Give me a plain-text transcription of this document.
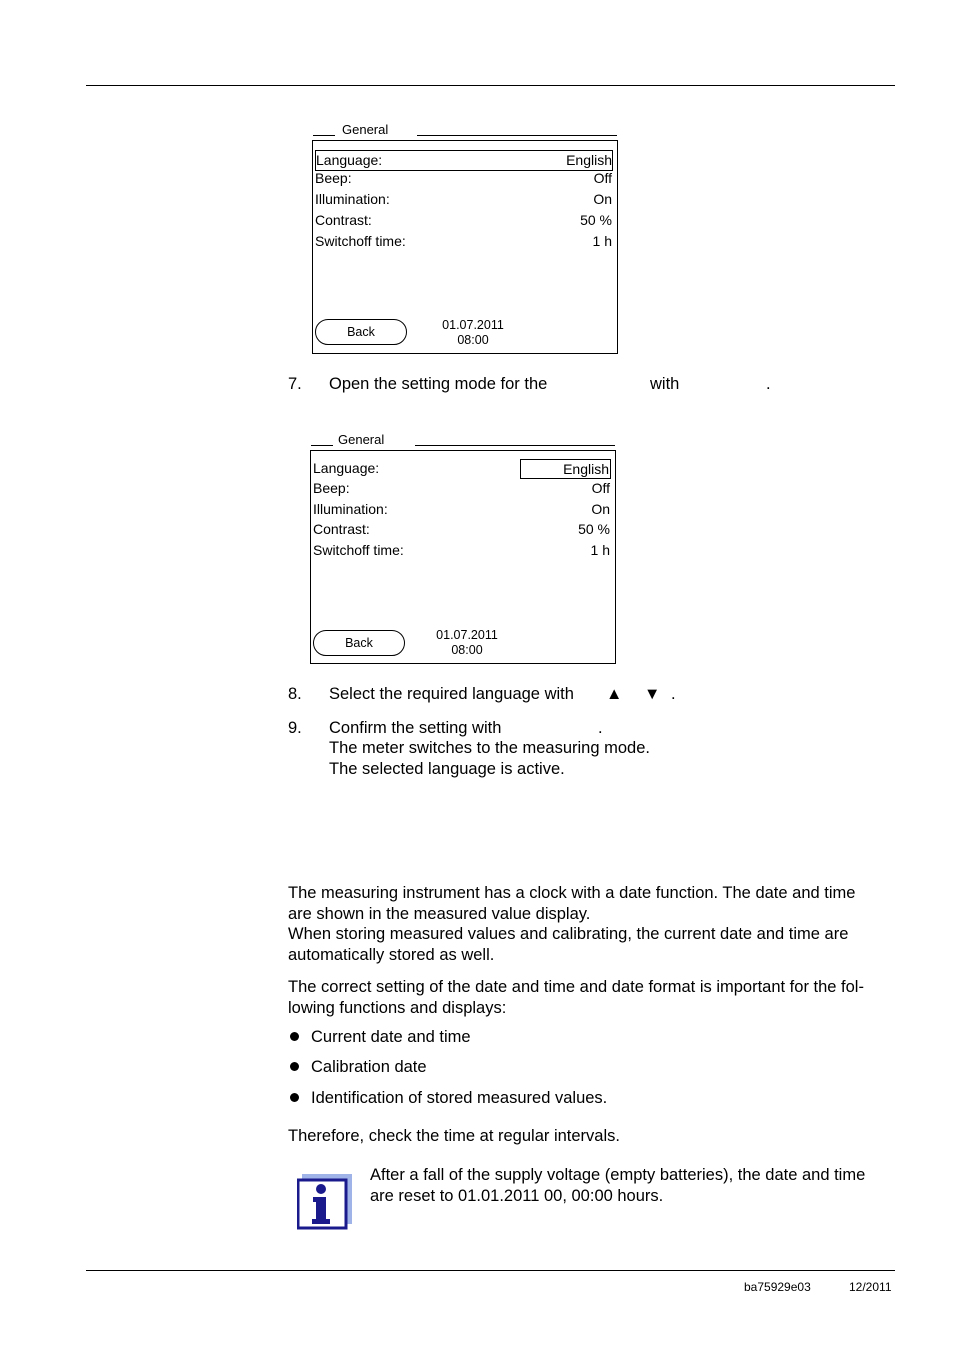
General
Language:	English
Beep:	Off
Illumination:	On
Contrast:	50 %
Switchoff time:	1 h
Back	01.07.2011
08:00
7. Open the setting mode for the	with	.
General
Language:	English
Beep:	Off
Illumination:	On
Contrast:	50 %
Switchoff time:	1 h
Back
01.07.2011
08:00
8. Select the required language with ▲ ▼ .
9. Confirm the setting with	.
The meter switches to the measuring mode.
The selected language is active.
The measuring instrument has a clock with a date function. The date and time
are shown in the measured value display.
When storing measured values and calibrating, the current date and time are
automatically stored as well.
The correct setting of the date and time and date format is important for the fol-
lowing functions and displays:
Current date and time
Calibration date
Identification of stored measured values.
Therefore, check the time at regular intervals.
After a fall of the supply voltage (empty batteries), the date and time
are reset to 01.01.2011 00, 00:00 hours.
ba75929e03	12/2011
